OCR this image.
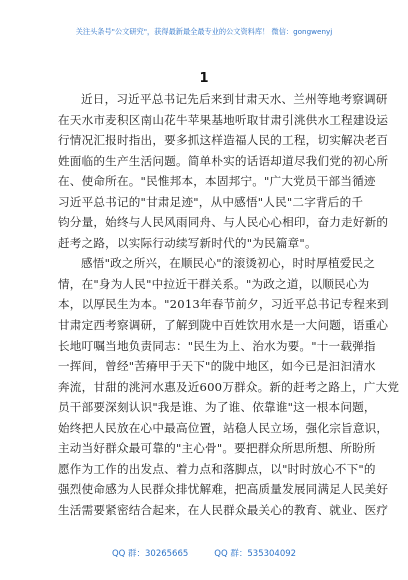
关注头条号"公文研究"，获得最新最全最专业的公文资料库！ 微信：gongwenyj
1
近日，习近平总书记先后来到甘肃天水、兰州等地考察调研
在天水市麦积区南山花牛苹果基地听取甘肃引洮供水工程建设运
行情况汇报时指出，要多抓这样造福人民的工程，切实解决老百
姓面临的生产生活问题。简单朴实的话语却道尽我们党的初心所
在、使命所在。"民惟邦本，本固邦宁。"广大党员干部当循迹
习近平总书记的"甘肃足迹"，从中感悟"人民"二字背后的千
钧分量，始终与人民风雨同舟、与人民心心相印，奋力走好新的
赶考之路，以实际行动续写新时代的"为民篇章"。
感悟"政之所兴，在顺民心"的滚烫初心，时时厚植爱民之
情，在"身为人民"中拉近干群关系。"为政之道，以顺民心为
本，以厚民生为本。"2013年春节前夕，习近平总书记专程来到
甘肃定西考察调研，了解到陇中百姓饮用水是一大问题，语重心
长地叮嘱当地负责同志："民生为上、治水为要。"十一载弹指
一挥间，曾经"苦瘠甲于天下"的陇中地区，如今已是汩汩清水
奔流，甘甜的洮河水惠及近600万群众。新的赶考之路上，广大党
员干部要深刻认识"我是谁、为了谁、依靠谁"这一根本问题，
始终把人民放在心中最高位置，站稳人民立场，强化宗旨意识，
主动当好群众最可靠的"主心骨"。要把群众所思所想、所盼所
愿作为工作的出发点、着力点和落脚点，以"时时放心不下"的
强烈使命感为人民群众排忧解难，把高质量发展同满足人民美好
生活需要紧密结合起来，在人民群众最关心的教育、就业、医疗
QQ 群：30265665	QQ 群：535304092
